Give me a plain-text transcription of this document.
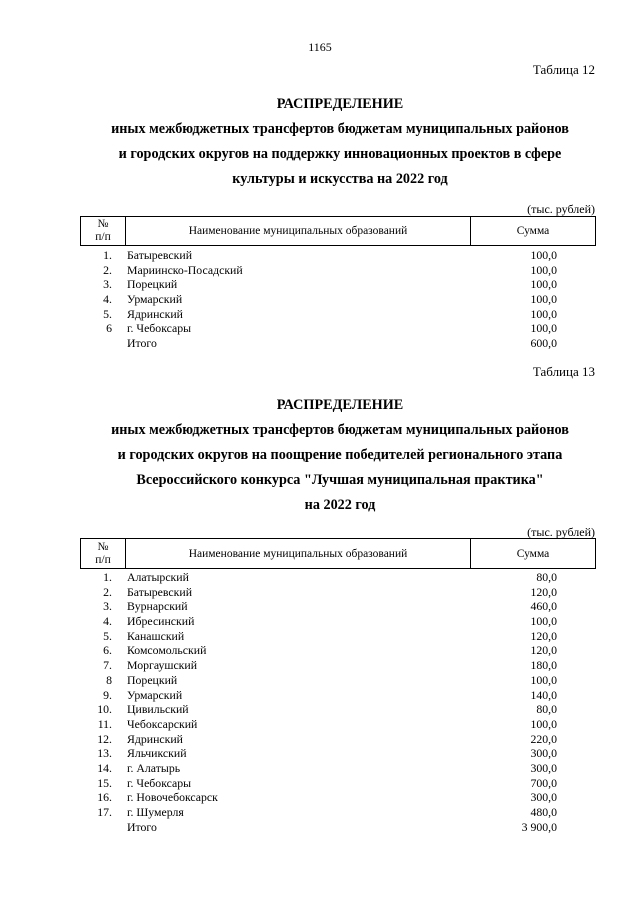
1165
Таблица 12
РАСПРЕДЕЛЕНИЕ
иных межбюджетных трансфертов бюджетам муниципальных районов
и городских округов на поддержку инновационных проектов в сфере
культуры и искусства на 2022 год
(тыс. рублей)
№
п/п	Наименование муниципальных образований	Сумма
1. Батыревский	100,0
2. Мариинско-Посадский	100,0
3. Порецкий	100,0
4. Урмарский	100,0
5. Ядринский	100,0
6 г. Чебоксары	100,0
Итого	600,0
Таблица 13
РАСПРЕДЕЛЕНИЕ
иных межбюджетных трансфертов бюджетам муниципальных районов
и городских округов на поощрение победителей регионального этапа
Всероссийского конкурса "Лучшая муниципальная практика"
на 2022 год
(тыс. рублей)
№
п/п	Наименование муниципальных образований	Сумма
1. Алатырский	80,0
2. Батыревский	120,0
3. Вурнарский	460,0
4. Ибресинский	100,0
5. Канашский	120,0
6. Комсомольский	120,0
7. Моргаушский	180,0
8 Порецкий	100,0
9. Урмарский	140,0
10. Цивильский	80,0
11. Чебоксарский	100,0
12. Ядринский	220,0
13. Яльчикский	300,0
14. г. Алатырь	300,0
15. г. Чебоксары	700,0
16. г. Новочебоксарск	300,0
17. г. Шумерля	480,0
Итого	3 900,0
